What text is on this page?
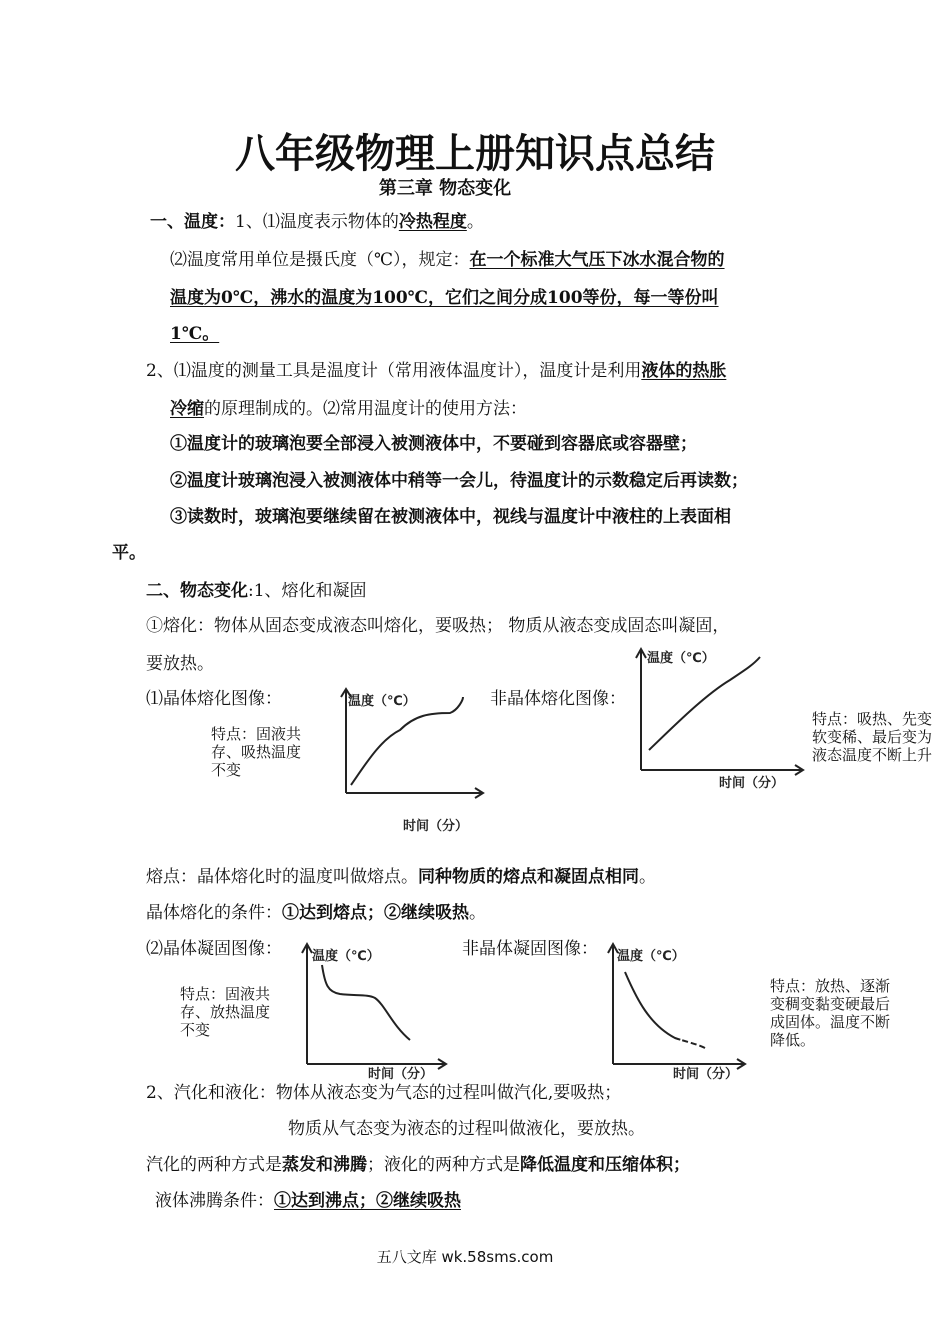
八年级物理上册知识点总结
第三章 物态变化
一、温度：1、⑴温度表示物体的冷热程度。
⑵温度常用单位是摄氏度（℃），规定：在一个标准大气压下冰水混合物的
温度为0℃，沸水的温度为100℃，它们之间分成100等份，每一等份叫
1℃。
2、⑴温度的测量工具是温度计（常用液体温度计），温度计是利用液体的热胀
冷缩的原理制成的。⑵常用温度计的使用方法：
①温度计的玻璃泡要全部浸入被测液体中，不要碰到容器底或容器壁；
②温度计玻璃泡浸入被测液体中稍等一会儿，待温度计的示数稳定后再读数；
③读数时，玻璃泡要继续留在被测液体中，视线与温度计中液柱的上表面相
平。
二、物态变化:1、熔化和凝固
①熔化：物体从固态变成液态叫熔化，要吸热； 物质从液态变成固态叫凝固，
要放热。
⑴晶体熔化图像：	非晶体熔化图像：
特点：固液共存、吸热温度不变
特点：吸热、先变软变稀、最后变为液态温度不断上升
温度（℃）
时间（分）
温度（℃）
时间（分）
熔点：晶体熔化时的温度叫做熔点。同种物质的熔点和凝固点相同。
晶体熔化的条件：①达到熔点；②继续吸热。
⑵晶体凝固图像：	非晶体凝固图像：
特点：固液共存、放热温度不变
特点：放热、逐渐变稠变黏变硬最后成固体。温度不断降低。
温度（℃）
时间（分）
温度（℃）
时间（分）
2、汽化和液化：物体从液态变为气态的过程叫做汽化,要吸热；
物质从气态变为液态的过程叫做液化，要放热。
汽化的两种方式是蒸发和沸腾；液化的两种方式是降低温度和压缩体积；
液体沸腾条件：①达到沸点；②继续吸热
五八文库 wk.58sms.com
